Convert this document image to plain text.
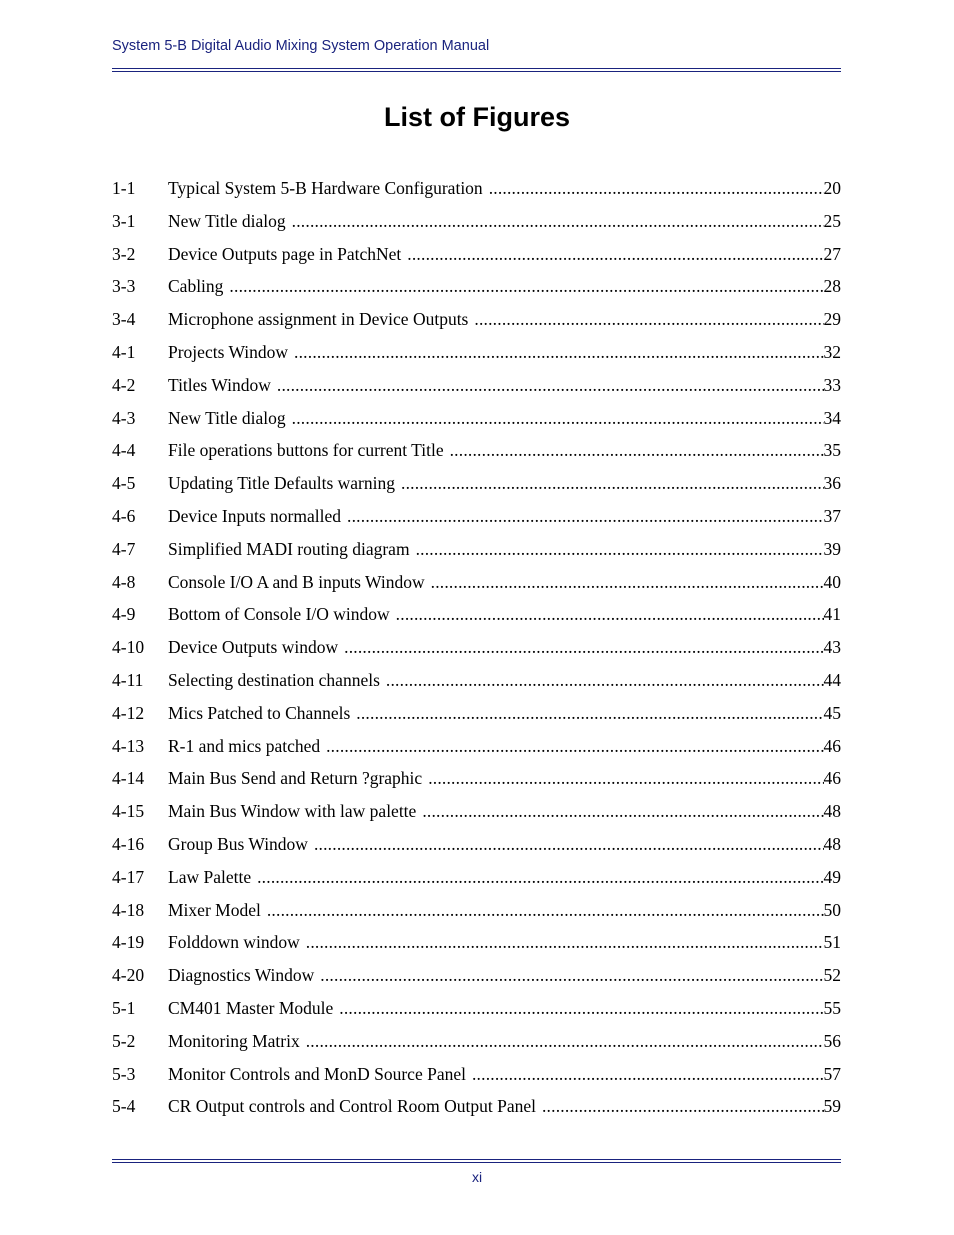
System 5-B Digital Audio Mixing System Operation Manual
List of Figures
1-1	Typical System 5-B Hardware Configuration .....	20
3-1	New Title dialog .....	25
3-2	Device Outputs page in PatchNet .....	27
3-3	Cabling .....	28
3-4	Microphone assignment in Device Outputs .....	29
4-1	Projects Window .....	32
4-2	Titles Window .....	33
4-3	New Title dialog .....	34
4-4	File operations buttons for current Title .....	35
4-5	Updating Title Defaults warning .....	36
4-6	Device Inputs normalled .....	37
4-7	Simplified MADI routing diagram .....	39
4-8	Console I/O A and B inputs Window .....	40
4-9	Bottom of Console I/O window .....	41
4-10	Device Outputs window .....	43
4-11	Selecting destination channels .....	44
4-12	Mics Patched to Channels .....	45
4-13	R-1 and mics patched .....	46
4-14	Main Bus Send and Return ?graphic .....	46
4-15	Main Bus Window with law palette .....	48
4-16	Group Bus Window .....	48
4-17	Law Palette .....	49
4-18	Mixer Model .....	50
4-19	Folddown window .....	51
4-20	Diagnostics Window .....	52
5-1	CM401 Master Module .....	55
5-2	Monitoring Matrix .....	56
5-3	Monitor Controls and MonD Source Panel .....	57
5-4	CR Output controls and Control Room Output Panel .....	59
xi
